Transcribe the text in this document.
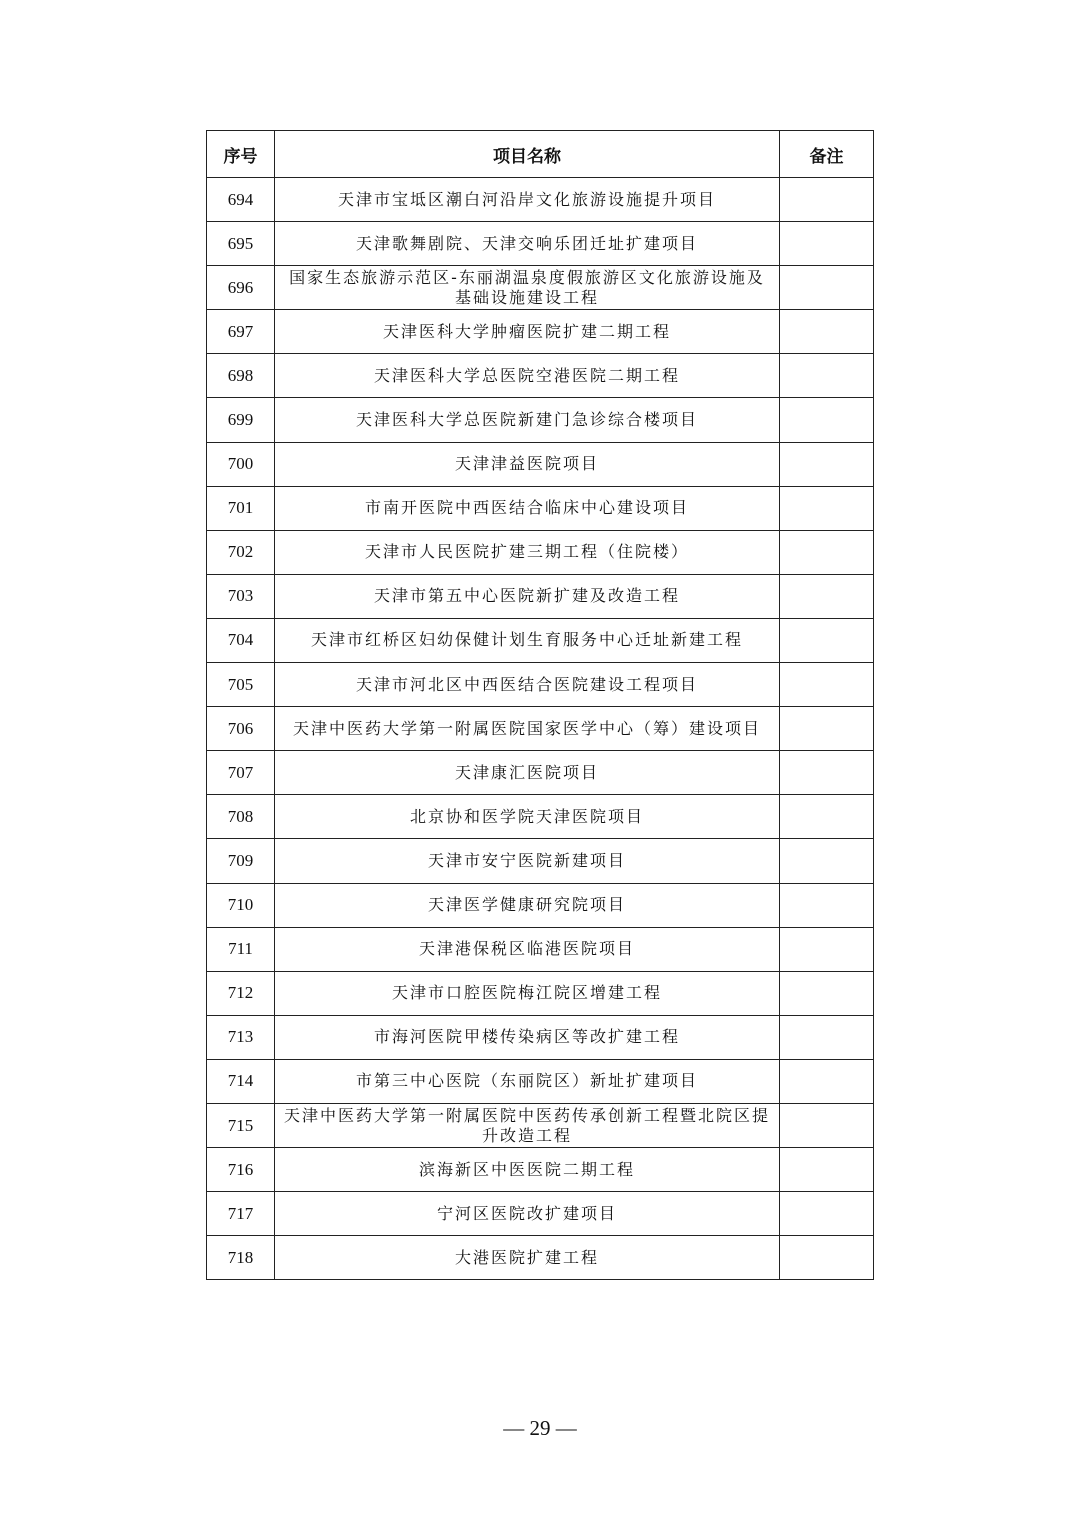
序号	项目名称	备注
694	天津市宝坻区潮白河沿岸文化旅游设施提升项目	
695	天津歌舞剧院、天津交响乐团迁址扩建项目	
696	国家生态旅游示范区-东丽湖温泉度假旅游区文化旅游设施及基础设施建设工程	
697	天津医科大学肿瘤医院扩建二期工程	
698	天津医科大学总医院空港医院二期工程	
699	天津医科大学总医院新建门急诊综合楼项目	
700	天津津益医院项目	
701	市南开医院中西医结合临床中心建设项目	
702	天津市人民医院扩建三期工程（住院楼）	
703	天津市第五中心医院新扩建及改造工程	
704	天津市红桥区妇幼保健计划生育服务中心迁址新建工程	
705	天津市河北区中西医结合医院建设工程项目	
706	天津中医药大学第一附属医院国家医学中心（筹）建设项目	
707	天津康汇医院项目	
708	北京协和医学院天津医院项目	
709	天津市安宁医院新建项目	
710	天津医学健康研究院项目	
711	天津港保税区临港医院项目	
712	天津市口腔医院梅江院区增建工程	
713	市海河医院甲楼传染病区等改扩建工程	
714	市第三中心医院（东丽院区）新址扩建项目	
715	天津中医药大学第一附属医院中医药传承创新工程暨北院区提升改造工程	
716	滨海新区中医医院二期工程	
717	宁河区医院改扩建项目	
718	大港医院扩建工程	
— 29 —
